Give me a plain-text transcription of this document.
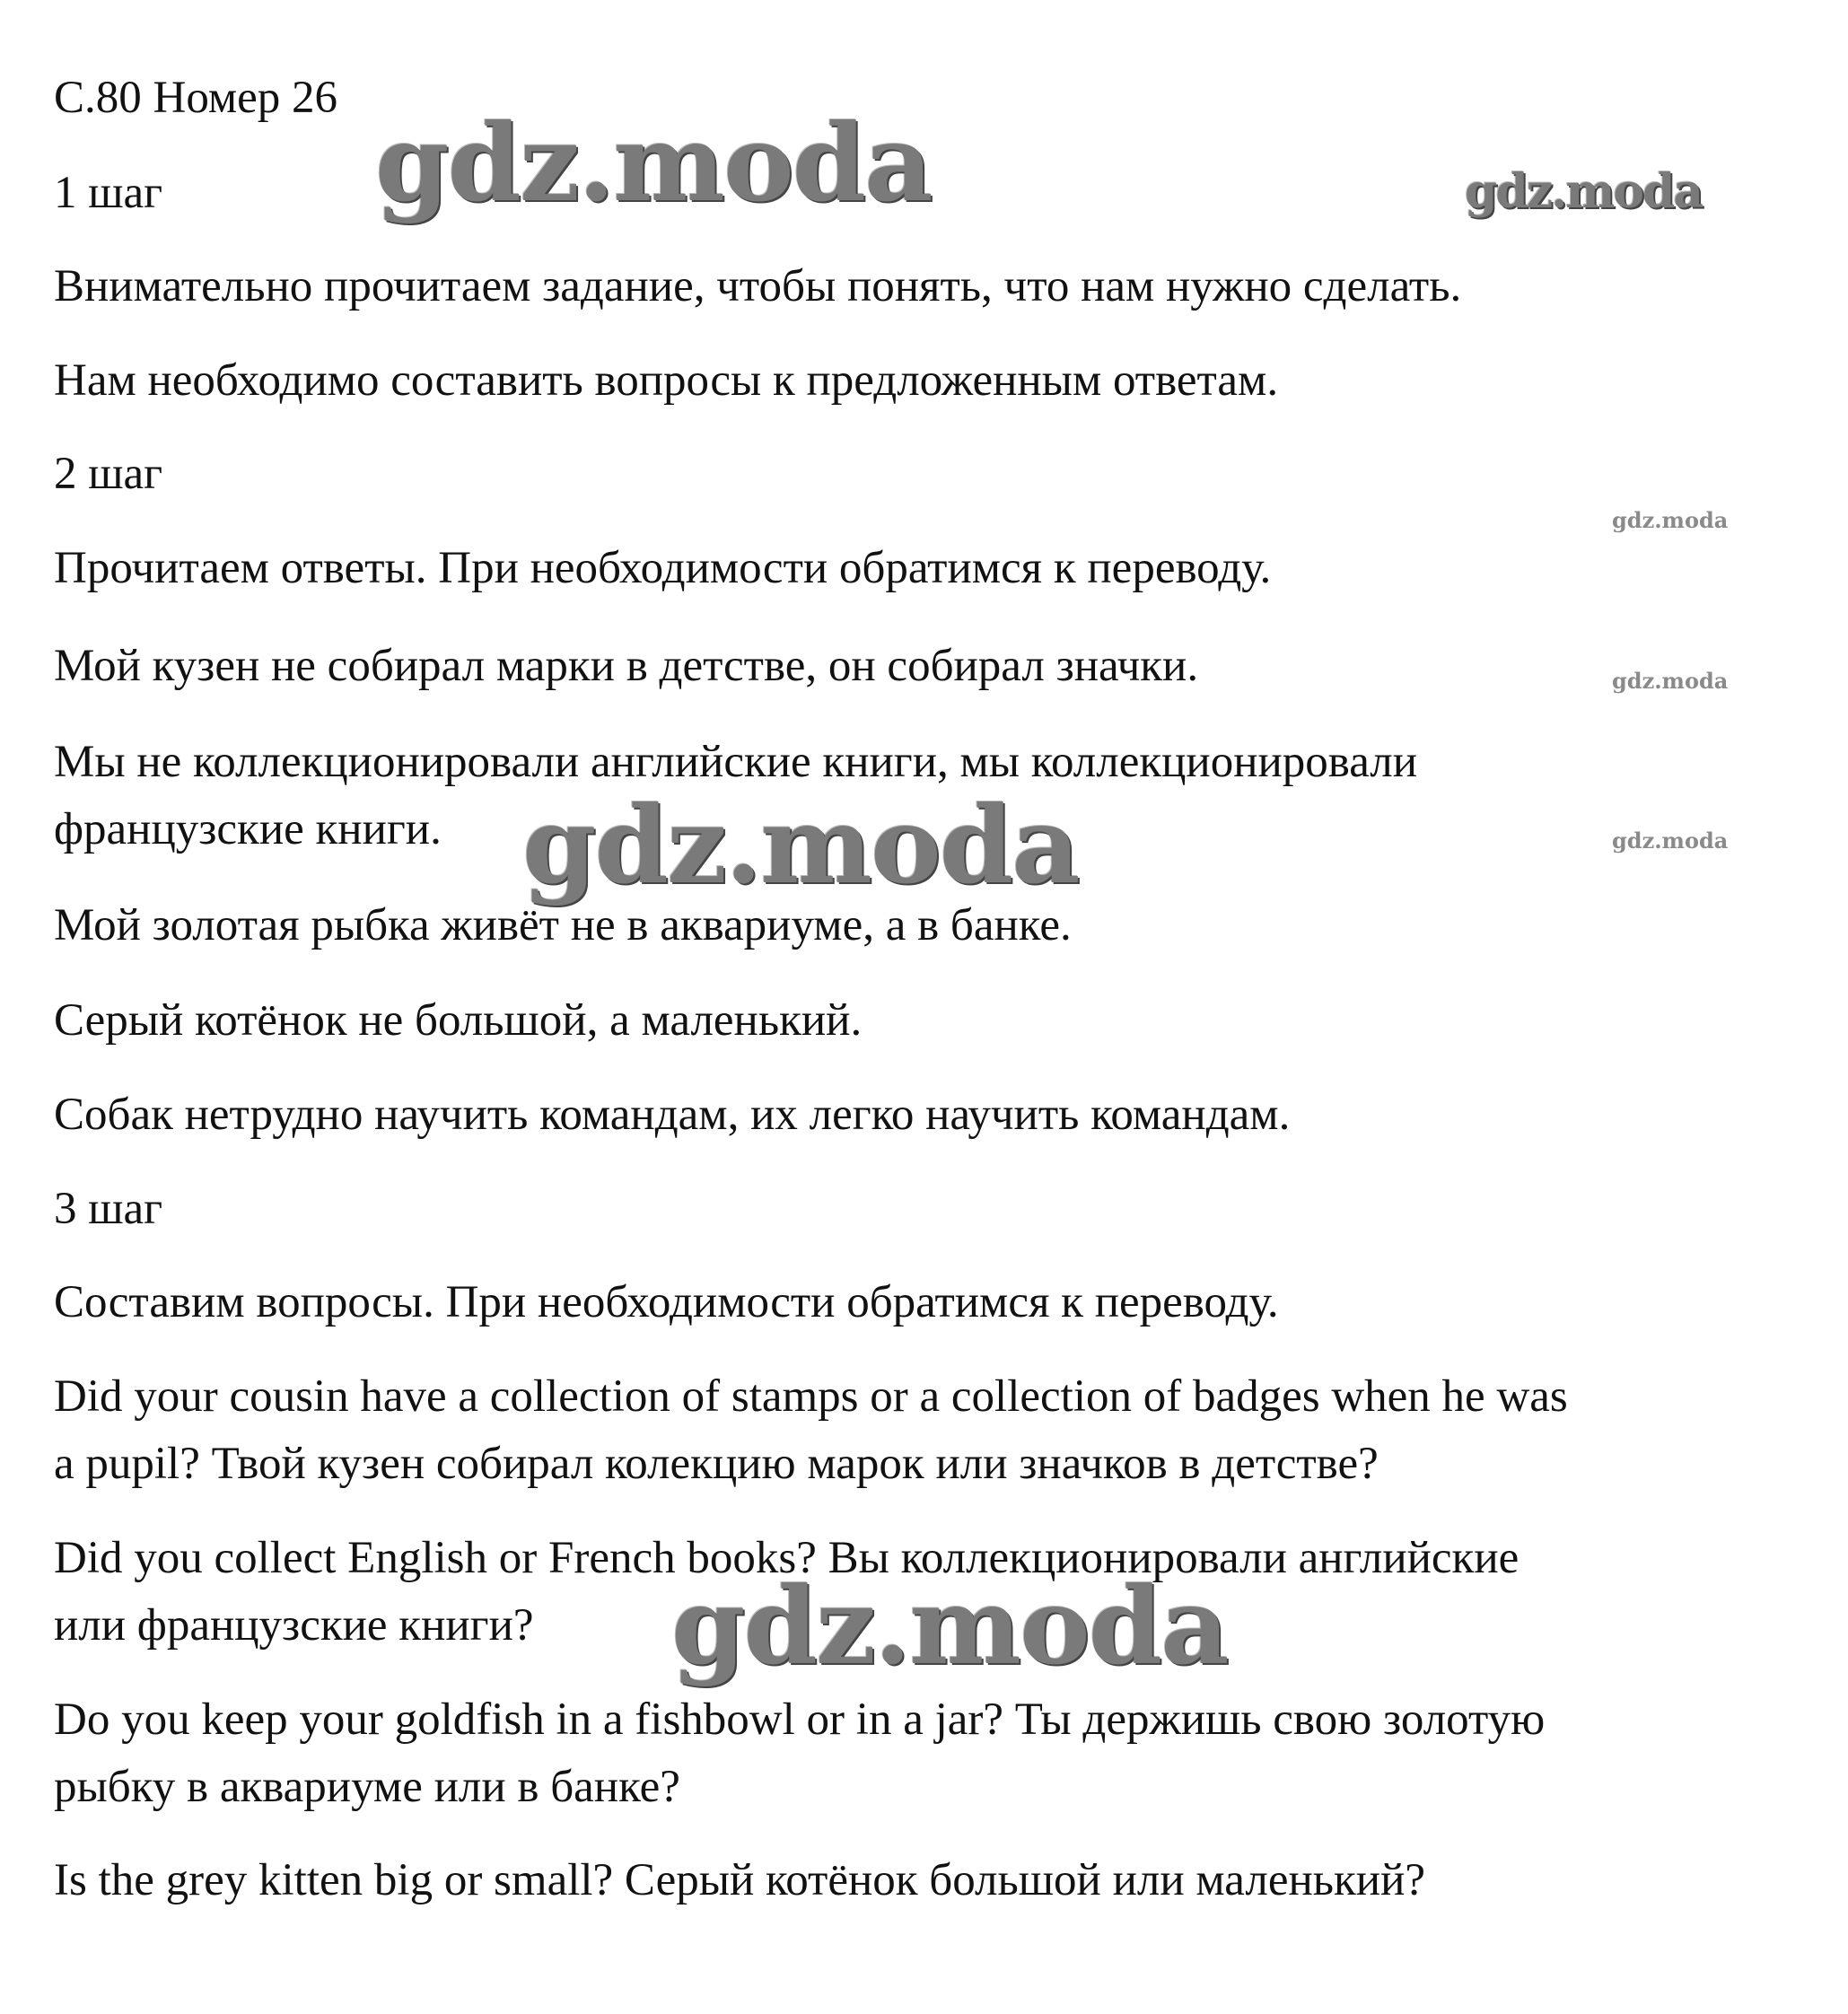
gdz.moda	gdz.moda
gdz.moda
gdz.moda
gdz.moda
gdz.moda
gdz.moda
С.80 Номер 26
1 шаг
Внимательно прочитаем задание, чтобы понять, что нам нужно сделать.
Нам необходимо составить вопросы к предложенным ответам.
2 шаг
Прочитаем ответы. При необходимости обратимся к переводу.
Мой кузен не собирал марки в детстве, он собирал значки.
Мы не коллекционировали английские книги, мы коллекционировали
французские книги.
Мой золотая рыбка живёт не в аквариуме, а в банке.
Серый котёнок не большой, а маленький.
Собак нетрудно научить командам, их легко научить командам.
3 шаг
Составим вопросы. При необходимости обратимся к переводу.
Did your cousin have a collection of stamps or a collection of badges when he was
a pupil? Твой кузен собирал колекцию марок или значков в детстве?
Did you collect English or French books? Вы коллекционировали английские
или французские книги?
Do you keep your goldfish in a fishbowl or in a jar? Ты держишь свою золотую
рыбку в аквариуме или в банке?
Is the grey kitten big or small? Серый котёнок большой или маленький?
